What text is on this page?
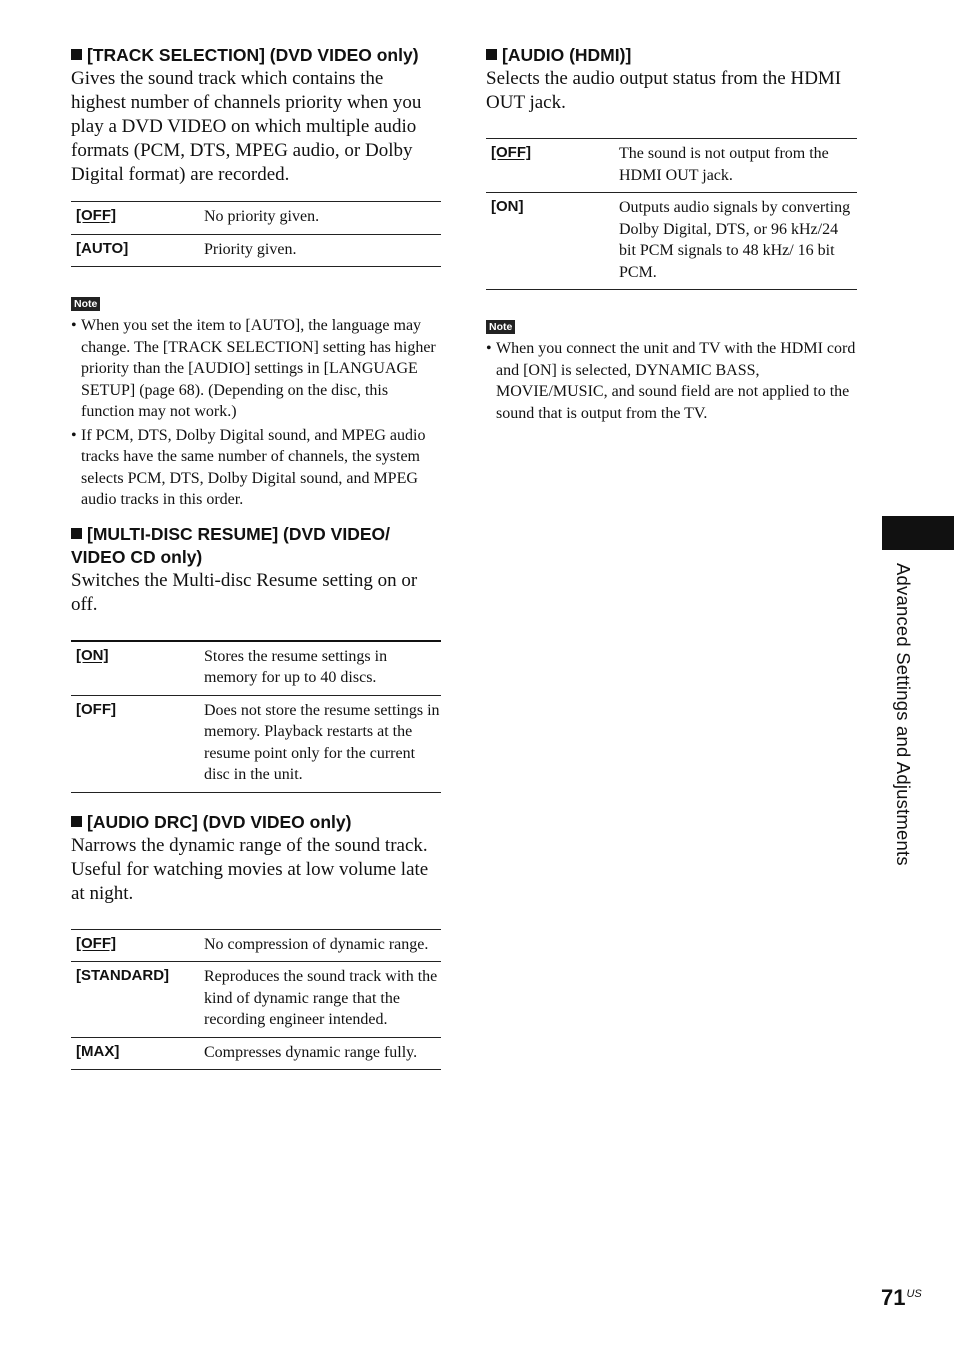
[TRACK SELECTION] (DVD VIDEO only)

Gives the sound track which contains the highest number of channels priority when you play a DVD VIDEO on which multiple audio formats (PCM, DTS, MPEG audio, or Dolby Digital format) are recorded.

[OFF]	No priority given.
[AUTO]	Priority given.
Note
• When you set the item to [AUTO], the language may change. The [TRACK SELECTION] setting has higher priority than the [AUDIO] settings in [LANGUAGE SETUP] (page 68). (Depending on the disc, this function may not work.)
• If PCM, DTS, Dolby Digital sound, and MPEG audio tracks have the same number of channels, the system selects PCM, DTS, Dolby Digital sound, and MPEG audio tracks in this order.
[MULTI-DISC RESUME] (DVD VIDEO/ VIDEO CD only)

Switches the Multi-disc Resume setting on or off.

[ON]	Stores the resume settings in memory for up to 40 discs.
[OFF]	Does not store the resume settings in memory. Playback restarts at the resume point only for the current disc in the unit.
[AUDIO DRC] (DVD VIDEO only)

Narrows the dynamic range of the sound track. Useful for watching movies at low volume late at night.

[OFF]	No compression of dynamic range.
[STANDARD]	Reproduces the sound track with the kind of dynamic range that the recording engineer intended.
[MAX]	Compresses dynamic range fully.
[AUDIO (HDMI)]

Selects the audio output status from the HDMI OUT jack.

[OFF]	The sound is not output from the HDMI OUT jack.
[ON]	Outputs audio signals by converting Dolby Digital, DTS, or 96 kHz/24 bit PCM signals to 48 kHz/ 16 bit PCM.
Note
• When you connect the unit and TV with the HDMI cord and [ON] is selected, DYNAMIC BASS, MOVIE/MUSIC, and sound field are not applied to the sound that is output from the TV.
Advanced Settings and Adjustments
$71^{US}$
